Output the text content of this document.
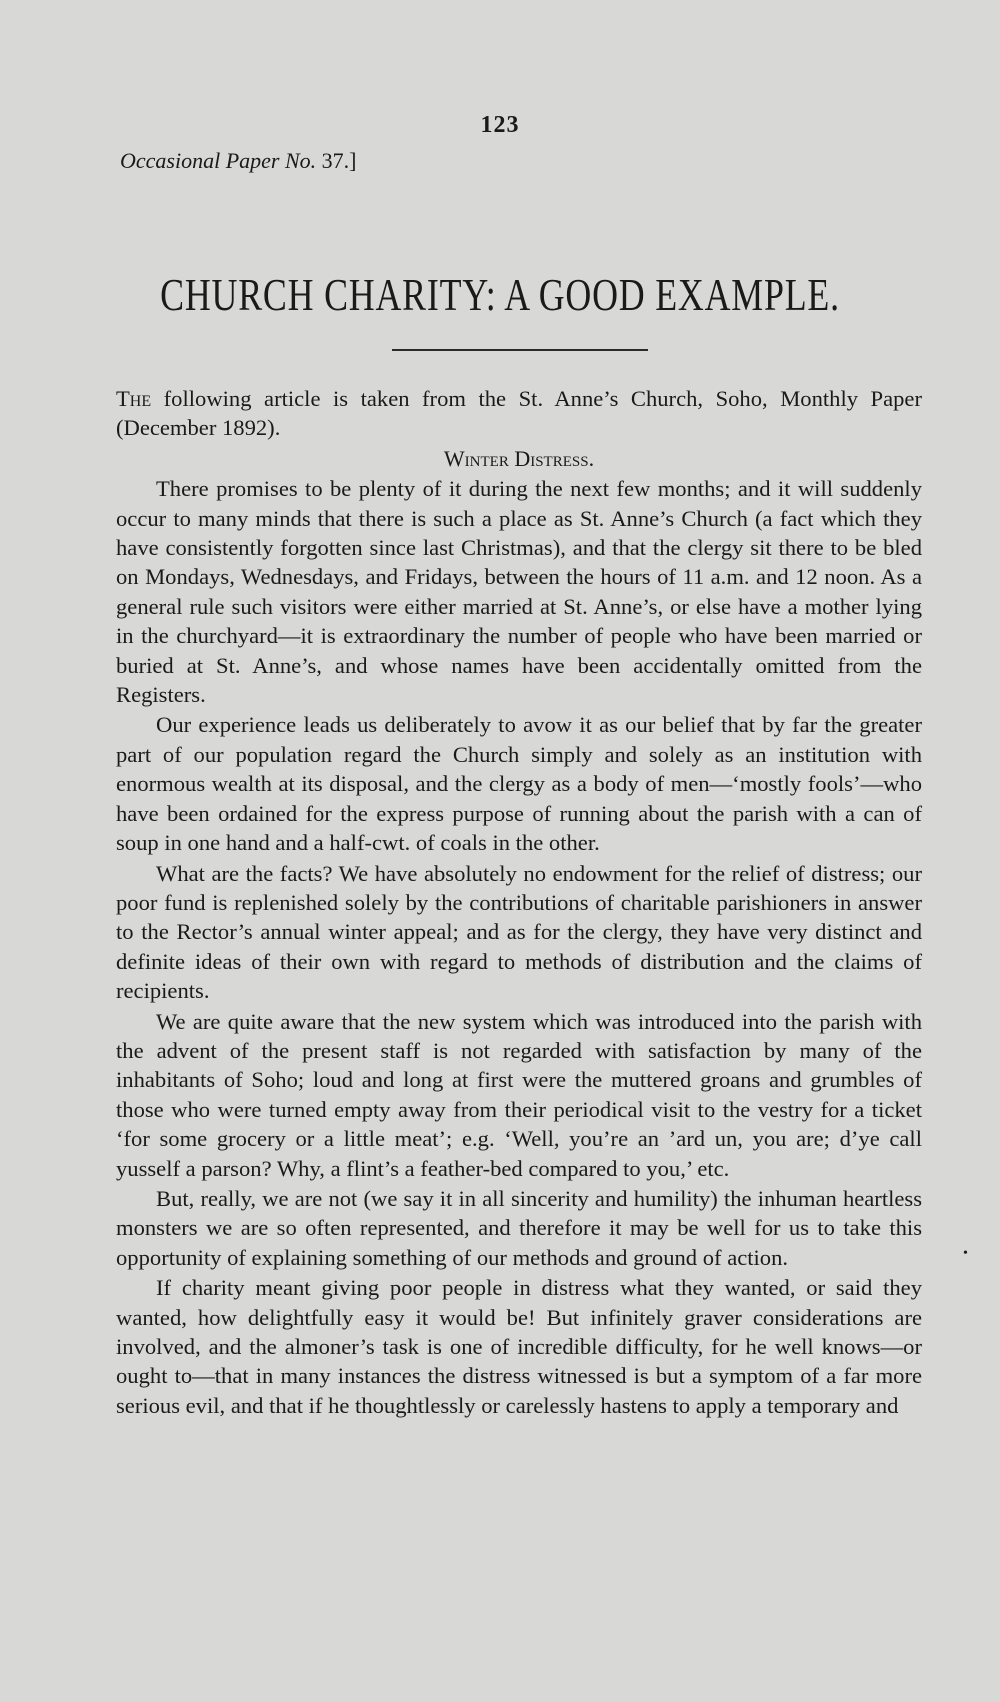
123
Occasional Paper No. 37.]
CHURCH CHARITY: A GOOD EXAMPLE.

The following article is taken from the St. Anne’s Church, Soho, Monthly Paper (December 1892).

Winter Distress.

There promises to be plenty of it during the next few months; and it will suddenly occur to many minds that there is such a place as St. Anne’s Church (a fact which they have consistently forgotten since last Christmas), and that the clergy sit there to be bled on Mondays, Wednesdays, and Fridays, between the hours of 11 a.m. and 12 noon. As a general rule such visitors were either married at St. Anne’s, or else have a mother lying in the churchyard—it is extraordinary the number of people who have been married or buried at St. Anne’s, and whose names have been accidentally omitted from the Registers.

Our experience leads us deliberately to avow it as our belief that by far the greater part of our population regard the Church simply and solely as an institution with enormous wealth at its disposal, and the clergy as a body of men—‘mostly fools’—who have been ordained for the express purpose of running about the parish with a can of soup in one hand and a half-cwt. of coals in the other.

What are the facts? We have absolutely no endowment for the relief of distress; our poor fund is replenished solely by the contributions of charitable parishioners in answer to the Rector’s annual winter appeal; and as for the clergy, they have very distinct and definite ideas of their own with regard to methods of distribution and the claims of recipients.

We are quite aware that the new system which was introduced into the parish with the advent of the present staff is not regarded with satisfaction by many of the inhabitants of Soho; loud and long at first were the muttered groans and grumbles of those who were turned empty away from their periodical visit to the vestry for a ticket ‘for some grocery or a little meat’; e.g. ‘Well, you’re an ’ard un, you are; d’ye call yusself a parson? Why, a flint’s a feather-bed compared to you,’ etc.

But, really, we are not (we say it in all sincerity and humility) the inhuman heartless monsters we are so often represented, and therefore it may be well for us to take this opportunity of explaining something of our methods and ground of action.

If charity meant giving poor people in distress what they wanted, or said they wanted, how delightfully easy it would be! But infinitely graver considerations are involved, and the almoner’s task is one of incredible difficulty, for he well knows—or ought to—that in many instances the distress witnessed is but a symptom of a far more serious evil, and that if he thoughtlessly or carelessly hastens to apply a temporary and

•
